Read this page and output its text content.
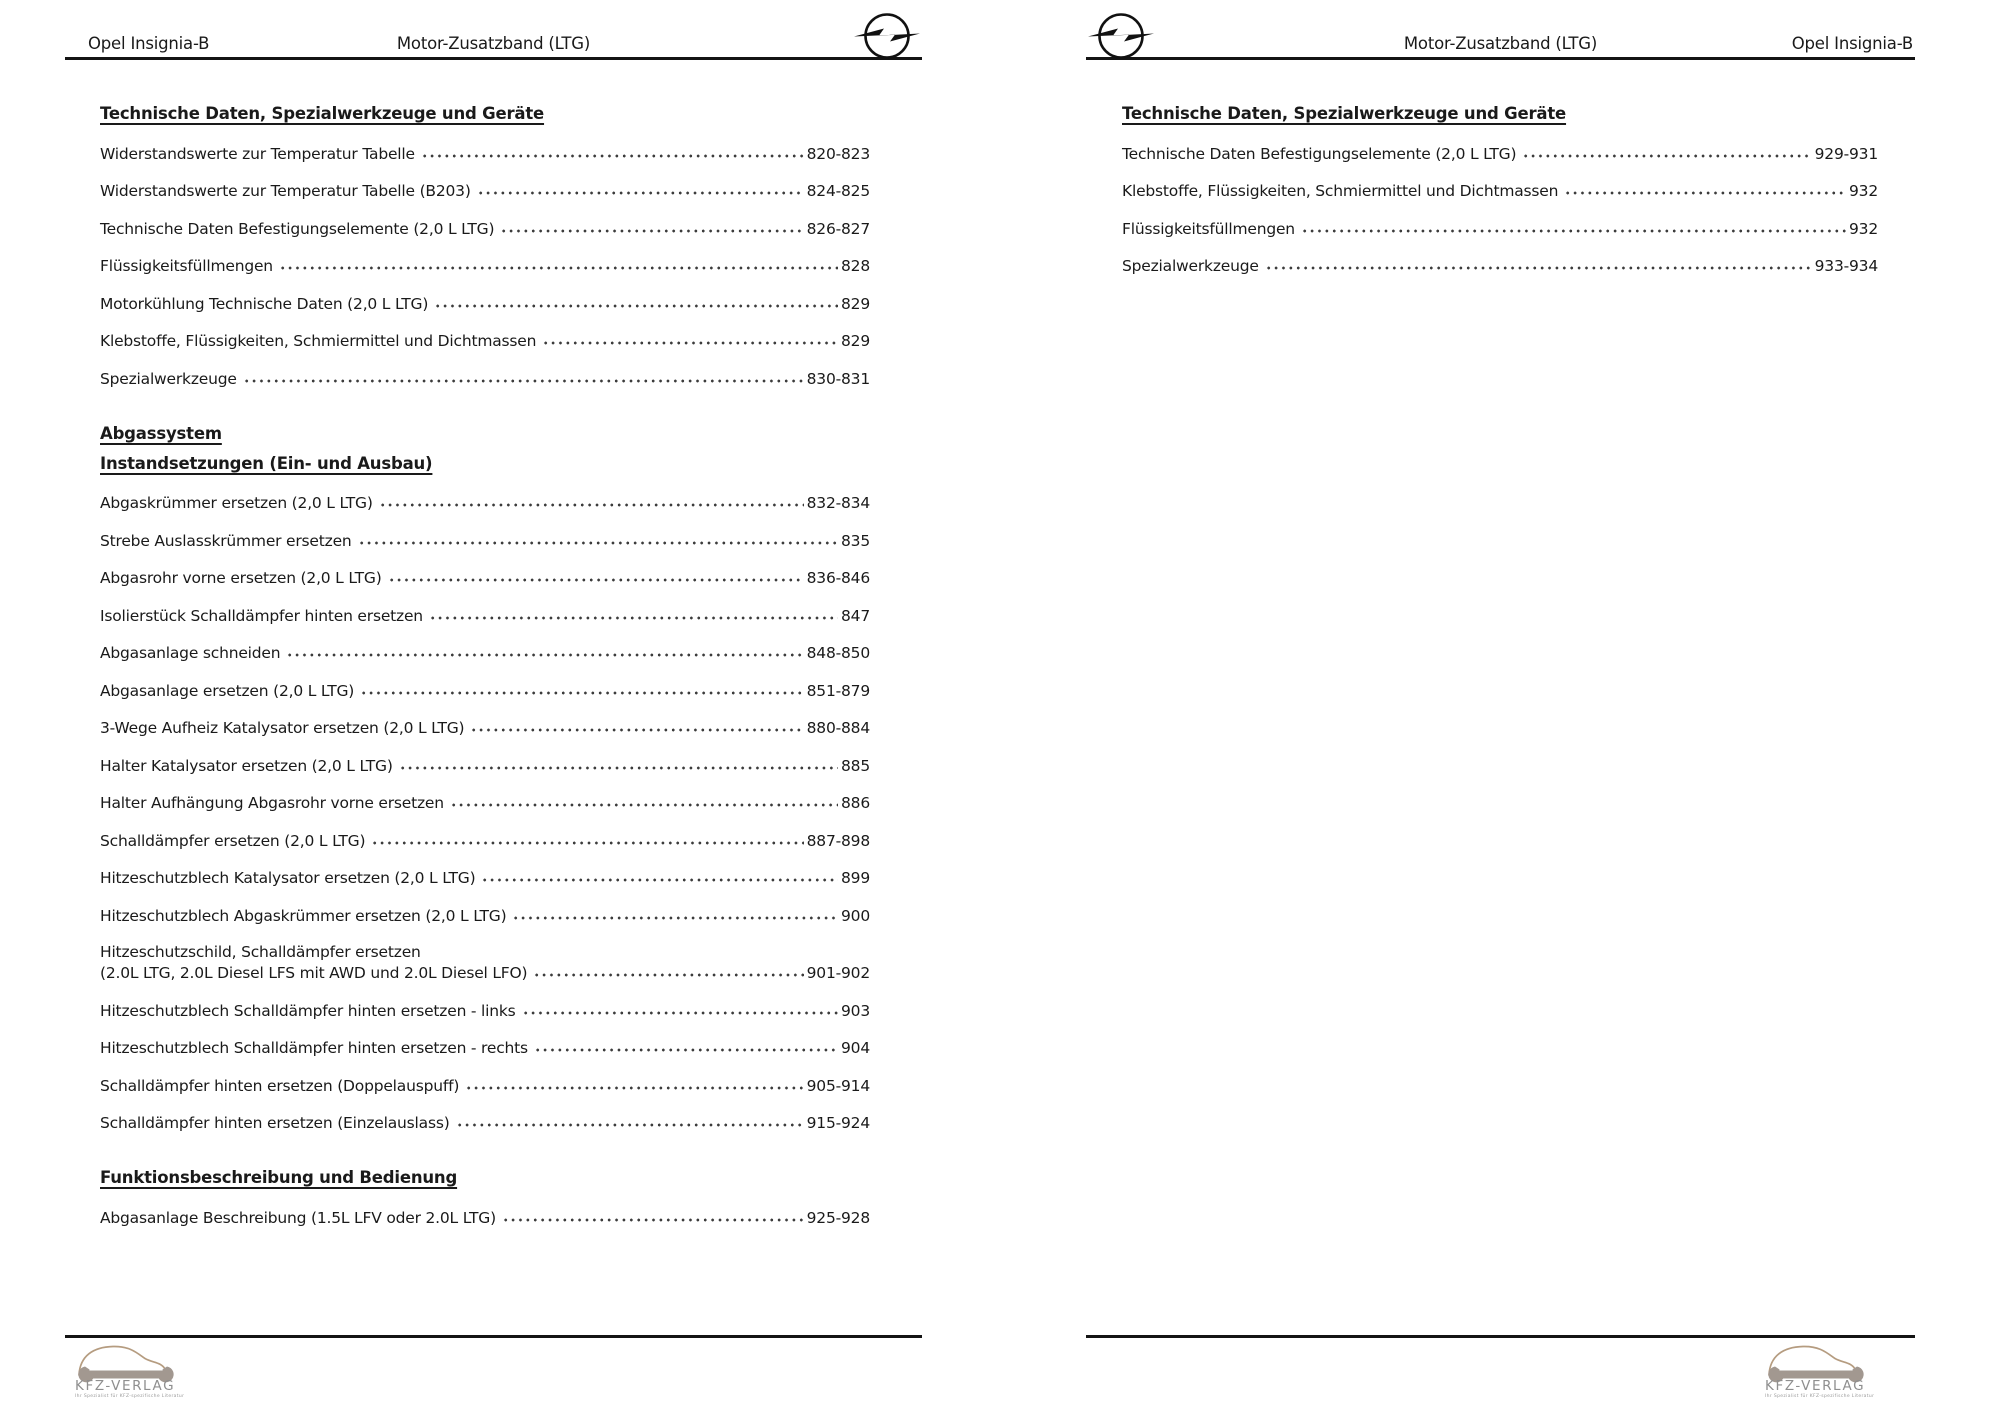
Opel Insignia-B	Motor-Zusatzband (LTG)
Technische Daten, Spezialwerkzeuge und Geräte
Widerstandswerte zur Temperatur Tabelle	820-823
Widerstandswerte zur Temperatur Tabelle (B203)	824-825
Technische Daten Befestigungselemente (2,0 L LTG)	826-827
Flüssigkeitsfüllmengen	828
Motorkühlung Technische Daten (2,0 L LTG)	829
Klebstoffe, Flüssigkeiten, Schmiermittel und Dichtmassen	829
Spezialwerkzeuge	830-831
Abgassystem
Instandsetzungen (Ein- und Ausbau)
Abgaskrümmer ersetzen (2,0 L LTG)	832-834
Strebe Auslasskrümmer ersetzen	835
Abgasrohr vorne ersetzen (2,0 L LTG)	836-846
Isolierstück Schalldämpfer hinten ersetzen	847
Abgasanlage schneiden	848-850
Abgasanlage ersetzen (2,0 L LTG)	851-879
3-Wege Aufheiz Katalysator ersetzen (2,0 L LTG)	880-884
Halter Katalysator ersetzen (2,0 L LTG)	885
Halter Aufhängung Abgasrohr vorne ersetzen	886
Schalldämpfer ersetzen (2,0 L LTG)	887-898
Hitzeschutzblech Katalysator ersetzen (2,0 L LTG)	899
Hitzeschutzblech Abgaskrümmer ersetzen (2,0 L LTG)	900
Hitzeschutzschild, Schalldämpfer ersetzen
(2.0L LTG, 2.0L Diesel LFS mit AWD und 2.0L Diesel LFO)	901-902
Hitzeschutzblech Schalldämpfer hinten ersetzen - links	903
Hitzeschutzblech Schalldämpfer hinten ersetzen - rechts	904
Schalldämpfer hinten ersetzen (Doppelauspuff)	905-914
Schalldämpfer hinten ersetzen (Einzelauslass)	915-924
Funktionsbeschreibung und Bedienung
Abgasanlage Beschreibung (1.5L LFV oder 2.0L LTG)	925-928
KFZ-VERLAG
Ihr Spezialist für KFZ-spezifische Literatur
Motor-Zusatzband (LTG)	Opel Insignia-B
Technische Daten, Spezialwerkzeuge und Geräte
Technische Daten Befestigungselemente (2,0 L LTG)	929-931
Klebstoffe, Flüssigkeiten, Schmiermittel und Dichtmassen	932
Flüssigkeitsfüllmengen	932
Spezialwerkzeuge	933-934
KFZ-VERLAG
Ihr Spezialist für KFZ-spezifische Literatur
